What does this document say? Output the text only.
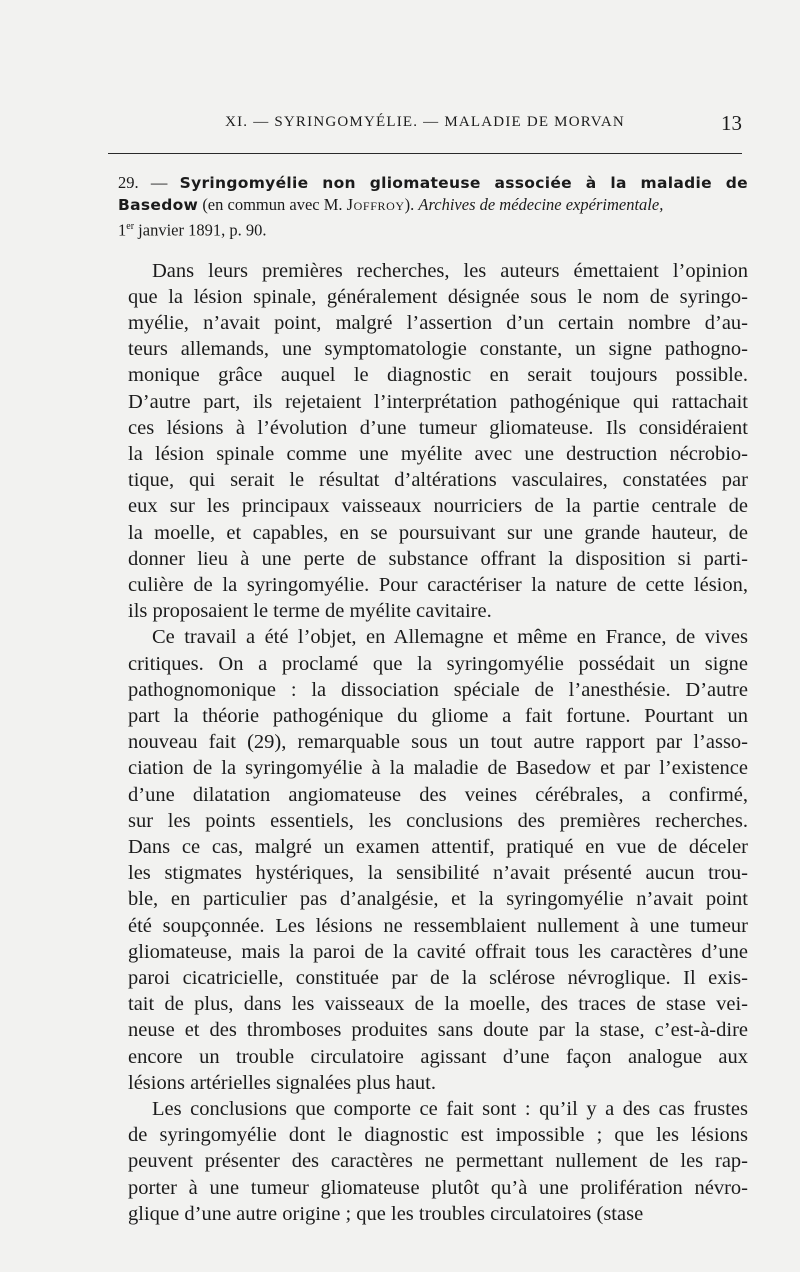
XI. — SYRINGOMYÉLIE. — MALADIE DE MORVAN	13

29. — Syringomyélie non gliomateuse associée à la maladie de Basedow (en commun avec M. Joffroy). Archives de médecine expérimentale,
1er janvier 1891, p. 90.

Dans leurs premières recherches, les auteurs émettaient l’opinion
que la lésion spinale, généralement désignée sous le nom de syringo-
myélie, n’avait point, malgré l’assertion d’un certain nombre d’au-
teurs allemands, une symptomatologie constante, un signe pathogno-
monique grâce auquel le diagnostic en serait toujours possible.
D’autre part, ils rejetaient l’interprétation pathogénique qui rattachait
ces lésions à l’évolution d’une tumeur gliomateuse. Ils considéraient
la lésion spinale comme une myélite avec une destruction nécrobio-
tique, qui serait le résultat d’altérations vasculaires, constatées par
eux sur les principaux vaisseaux nourriciers de la partie centrale de
la moelle, et capables, en se poursuivant sur une grande hauteur, de
donner lieu à une perte de substance offrant la disposition si parti-
culière de la syringomyélie. Pour caractériser la nature de cette lésion,
ils proposaient le terme de myélite cavitaire.

Ce travail a été l’objet, en Allemagne et même en France, de vives
critiques. On a proclamé que la syringomyélie possédait un signe
pathognomonique : la dissociation spéciale de l’anesthésie. D’autre
part la théorie pathogénique du gliome a fait fortune. Pourtant un
nouveau fait (29), remarquable sous un tout autre rapport par l’asso-
ciation de la syringomyélie à la maladie de Basedow et par l’existence
d’une dilatation angiomateuse des veines cérébrales, a confirmé,
sur les points essentiels, les conclusions des premières recherches.
Dans ce cas, malgré un examen attentif, pratiqué en vue de déceler
les stigmates hystériques, la sensibilité n’avait présenté aucun trou-
ble, en particulier pas d’analgésie, et la syringomyélie n’avait point
été soupçonnée. Les lésions ne ressemblaient nullement à une tumeur
gliomateuse, mais la paroi de la cavité offrait tous les caractères d’une
paroi cicatricielle, constituée par de la sclérose névroglique. Il exis-
tait de plus, dans les vaisseaux de la moelle, des traces de stase vei-
neuse et des thromboses produites sans doute par la stase, c’est-à-dire
encore un trouble circulatoire agissant d’une façon analogue aux
lésions artérielles signalées plus haut.

Les conclusions que comporte ce fait sont : qu’il y a des cas frustes
de syringomyélie dont le diagnostic est impossible ; que les lésions
peuvent présenter des caractères ne permettant nullement de les rap-
porter à une tumeur gliomateuse plutôt qu’à une prolifération névro-
glique d’une autre origine ; que les troubles circulatoires (stase
